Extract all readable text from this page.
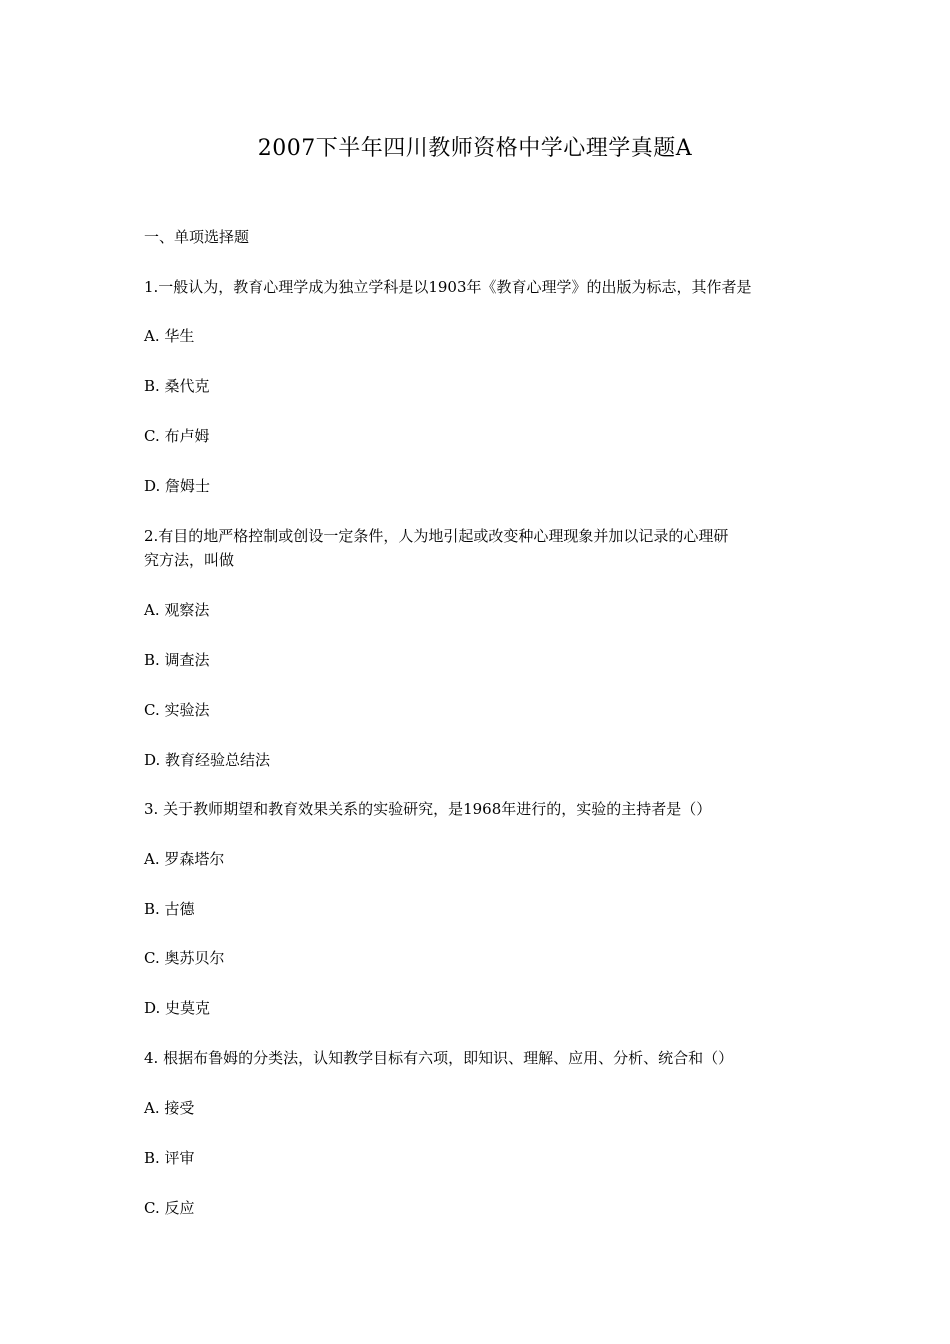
2007下半年四川教师资格中学心理学真题A
一、单项选择题
1.一般认为，教育心理学成为独立学科是以1903年《教育心理学》的出版为标志，其作者是
A. 华生
B. 桑代克
C. 布卢姆
D. 詹姆士
2.有目的地严格控制或创设一定条件，人为地引起或改变种心理现象并加以记录的心理研
究方法，叫做
A. 观察法
B. 调查法
C. 实验法
D. 教育经验总结法
3. 关于教师期望和教育效果关系的实验研究，是1968年进行的，实验的主持者是（）
A. 罗森塔尔
B. 古德
C. 奥苏贝尔
D. 史莫克
4. 根据布鲁姆的分类法，认知教学目标有六项，即知识、理解、应用、分析、统合和（）
A. 接受
B. 评审
C. 反应
